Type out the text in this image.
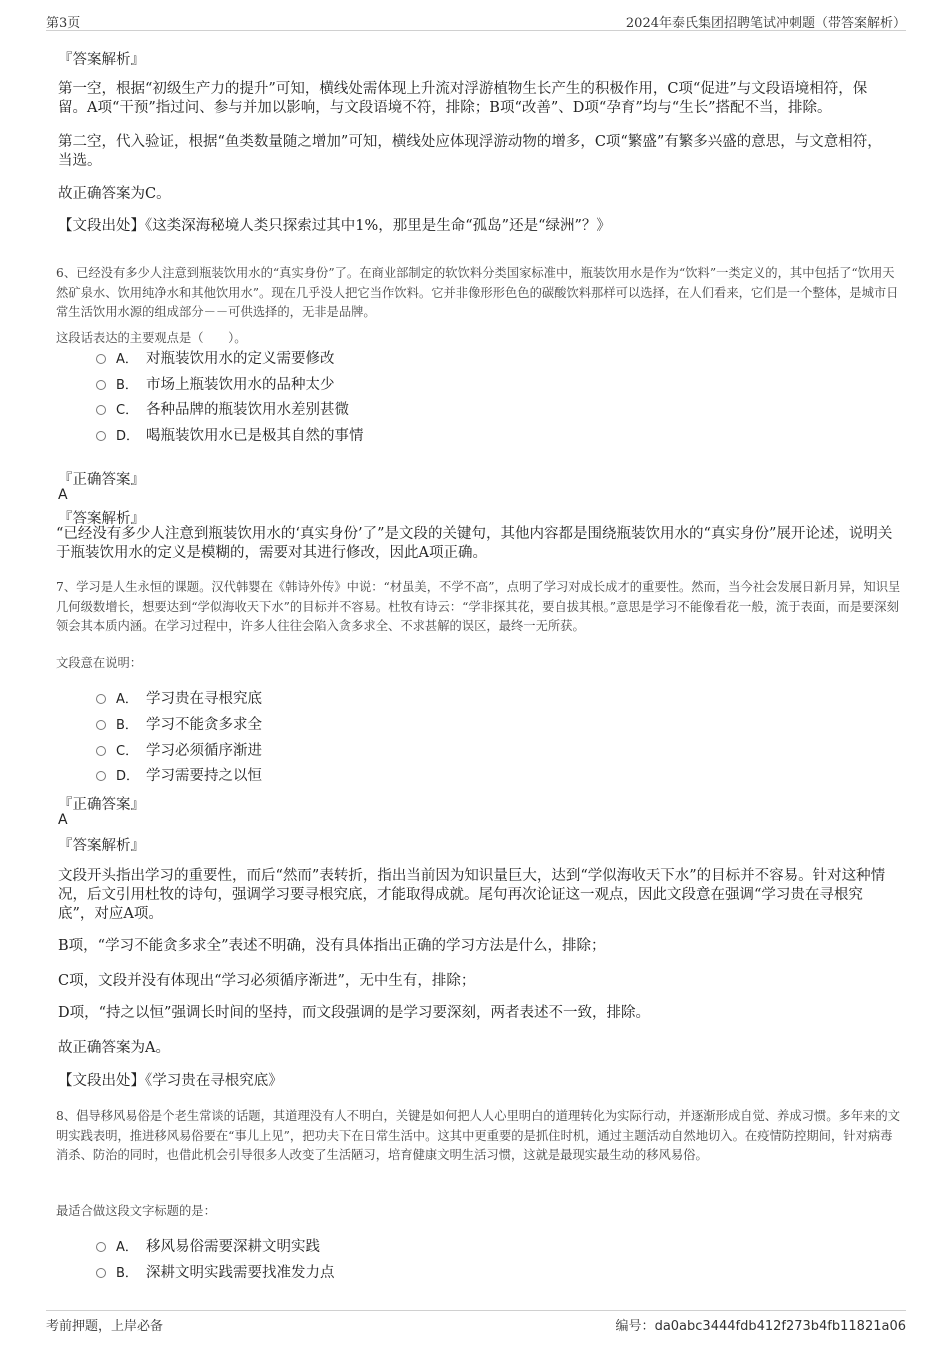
第3页	2024年泰氏集团招聘笔试冲刺题（带答案解析）
『答案解析』
第一空，根据“初级生产力的提升”可知，横线处需体现上升流对浮游植物生长产生的积极作用，C项“促进”与文段语境相符，保留。A项“干预”指过问、参与并加以影响，与文段语境不符，排除；B项“改善”、D项“孕育”均与“生长”搭配不当，排除。
第二空，代入验证，根据“鱼类数量随之增加”可知，横线处应体现浮游动物的增多，C项“繁盛”有繁多兴盛的意思，与文意相符，当选。
故正确答案为C。
【文段出处】《这类深海秘境人类只探索过其中1%，那里是生命“孤岛”还是“绿洲”？》
6、已经没有多少人注意到瓶装饮用水的“真实身份”了。在商业部制定的软饮料分类国家标准中，瓶装饮用水是作为“饮料”一类定义的，其中包括了“饮用天然矿泉水、饮用纯净水和其他饮用水”。现在几乎没人把它当作饮料。它并非像形形色色的碳酸饮料那样可以选择，在人们看来，它们是一个整体，是城市日常生活饮用水源的组成部分－－可供选择的，无非是品牌。
这段话表达的主要观点是（　　）。
A． 对瓶装饮用水的定义需要修改
B． 市场上瓶装饮用水的品种太少
C． 各种品牌的瓶装饮用水差别甚微
D． 喝瓶装饮用水已是极其自然的事情
『正确答案』
A
『答案解析』
“已经没有多少人注意到瓶装饮用水的‘真实身份’了”是文段的关键句，其他内容都是围绕瓶装饮用水的“真实身份”展开论述，说明关于瓶装饮用水的定义是模糊的，需要对其进行修改，因此A项正确。
7、学习是人生永恒的课题。汉代韩婴在《韩诗外传》中说：“材虽美，不学不高”，点明了学习对成长成才的重要性。然而，当今社会发展日新月异，知识呈几何级数增长，想要达到“学似海收天下水”的目标并不容易。杜牧有诗云：“学非探其花，要自拔其根。”意思是学习不能像看花一般，流于表面，而是要深刻领会其本质内涵。在学习过程中，许多人往往会陷入贪多求全、不求甚解的误区，最终一无所获。
文段意在说明：
A． 学习贵在寻根究底
B． 学习不能贪多求全
C． 学习必须循序渐进
D． 学习需要持之以恒
『正确答案』
A
『答案解析』
文段开头指出学习的重要性，而后“然而”表转折，指出当前因为知识量巨大，达到“学似海收天下水”的目标并不容易。针对这种情况，后文引用杜牧的诗句，强调学习要寻根究底，才能取得成就。尾句再次论证这一观点，因此文段意在强调“学习贵在寻根究底”，对应A项。
B项，“学习不能贪多求全”表述不明确，没有具体指出正确的学习方法是什么，排除；
C项，文段并没有体现出“学习必须循序渐进”，无中生有，排除；
D项，“持之以恒”强调长时间的坚持，而文段强调的是学习要深刻，两者表述不一致，排除。
故正确答案为A。
【文段出处】《学习贵在寻根究底》
8、倡导移风易俗是个老生常谈的话题，其道理没有人不明白，关键是如何把人人心里明白的道理转化为实际行动，并逐渐形成自觉、养成习惯。多年来的文明实践表明，推进移风易俗要在“事儿上见”，把功夫下在日常生活中。这其中更重要的是抓住时机，通过主题活动自然地切入。在疫情防控期间，针对病毒消杀、防治的同时，也借此机会引导很多人改变了生活陋习，培育健康文明生活习惯，这就是最现实最生动的移风易俗。
最适合做这段文字标题的是：
A． 移风易俗需要深耕文明实践
B． 深耕文明实践需要找准发力点
考前押题，上岸必备	编号：da0abc3444fdb412f273b4fb11821a06
